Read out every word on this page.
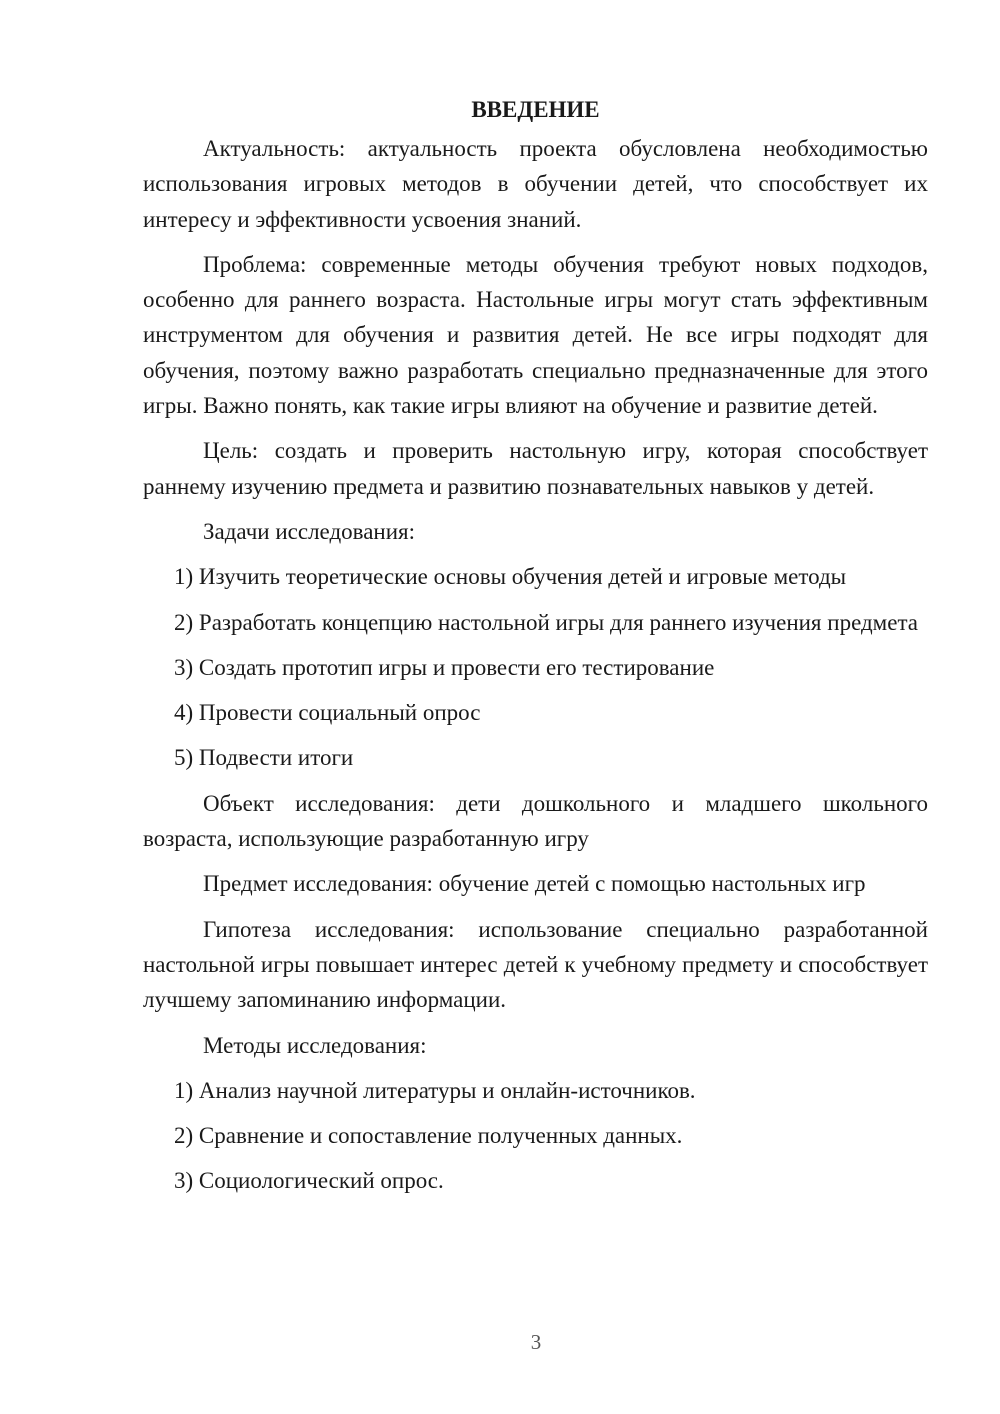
ВВЕДЕНИЕ

Актуальность: актуальность проекта обусловлена необходимостью использования игровых методов в обучении детей, что способствует их интересу и эффективности усвоения знаний.

Проблема: современные методы обучения требуют новых подходов, особенно для раннего возраста. Настольные игры могут стать эффективным инструментом для обучения и развития детей. Не все игры подходят для обучения, поэтому важно разработать специально предназначенные для этого игры. Важно понять, как такие игры влияют на обучение и развитие детей.

Цель: создать и проверить настольную игру, которая способствует раннему изучению предмета и развитию познавательных навыков у детей.

Задачи исследования:

1) Изучить теоретические основы обучения детей и игровые методы

2) Разработать концепцию настольной игры для раннего изучения предмета

3) Создать прототип игры и провести его тестирование

4) Провести социальный опрос

5) Подвести итоги

Объект исследования: дети дошкольного и младшего школьного возраста, использующие разработанную игру

Предмет исследования: обучение детей с помощью настольных игр

Гипотеза исследования: использование специально разработанной настольной игры повышает интерес детей к учебному предмету и способствует лучшему запоминанию информации.

Методы исследования:

1) Анализ научной литературы и онлайн-источников.

2) Сравнение и сопоставление полученных данных.

3) Социологический опрос.

3
